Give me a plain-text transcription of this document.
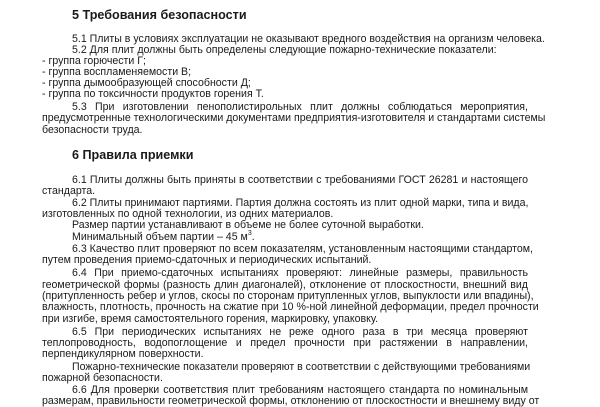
5 Требования безопасности
5.1 Плиты в условиях эксплуатации не оказывают вредного воздействия на организм человека.
5.2 Для плит должны быть определены следующие пожарно-технические показатели:
- группа горючести Г;
- группа воспламеняемости В;
- группа дымообразующей способности Д;
- группа по токсичности продуктов горения Т.
5.3 При изготовлении пенополистирольных плит должны соблюдаться мероприятия,
предусмотренные технологическими документами предприятия-изготовителя и стандартами системы
безопасности труда.
6 Правила приемки
6.1 Плиты должны быть приняты в соответствии с требованиями ГОСТ 26281 и настоящего
стандарта.
6.2 Плиты принимают партиями. Партия должна состоять из плит одной марки, типа и вида,
изготовленных по одной технологии, из одних материалов.
Размер партии устанавливают в объеме не более суточной выработки.
Минимальный объем партии – 45 $м^3$.
6.3 Качество плит проверяют по всем показателям, установленным настоящими стандартом,
путем проведения приемо-сдаточных и периодических испытаний.
6.4 При приемо-сдаточных испытаниях проверяют: линейные размеры, правильность
геометрической формы (разность длин диагоналей), отклонение от плоскостности, внешний вид
(притупленность ребер и углов, скосы по сторонам притупленных углов, выпуклости или впадины),
влажность, плотность, прочность на сжатие при 10 %-ной линейной деформации, предел прочности
при изгибе, время самостоятельного горения, маркировку, упаковку.
6.5 При периодических испытаниях не реже одного раза в три месяца проверяют
теплопроводность, водопоглощение и предел прочности при растяжении в направлении,
перпендикулярном поверхности.
Пожарно-технические показатели проверяют в соответствии с действующими требованиями
пожарной безопасности.
6.6 Для проверки соответствия плит требованиям настоящего стандарта по номинальным
размерам, правильности геометрической формы, отклонению от плоскостности и внешнему виду от
